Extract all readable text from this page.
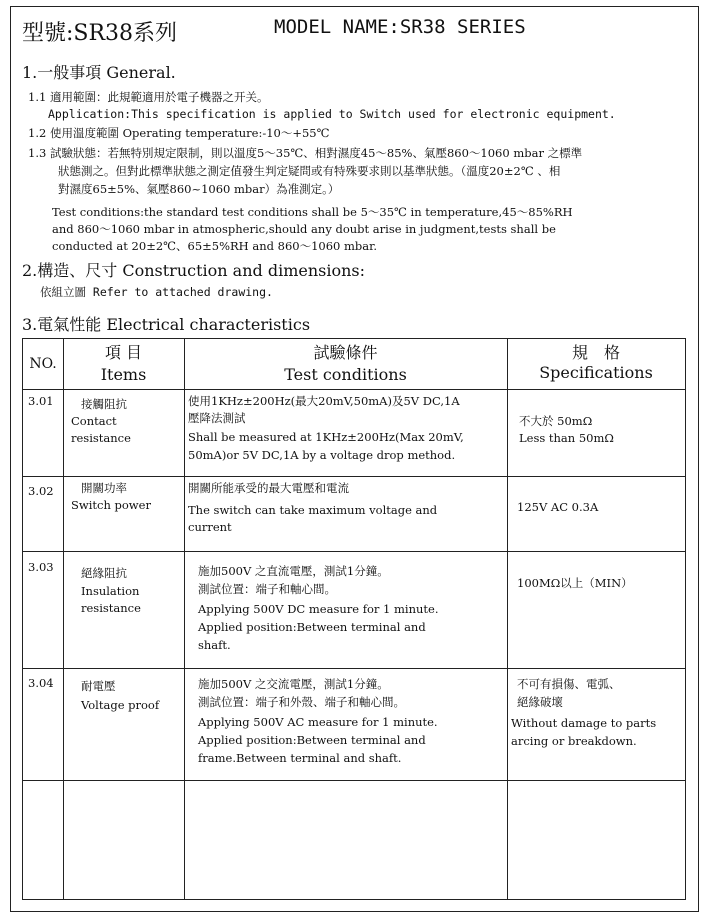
型號:SR38系列	MODEL NAME:SR38 SERIES
1.一般事項 General.
1.1 適用範圍：此規範適用於電子機器之开关。
Application:This specification is applied to Switch used for electronic equipment.
1.2 使用溫度範圍 Operating temperature:-10～+55℃
1.3 試驗狀態：若無特別規定限制，則以溫度5～35℃、相對濕度45～85%、氣壓860～1060 mbar 之標準
狀態測之。但對此標準狀態之測定值發生判定疑問或有特殊要求則以基準狀態。（溫度20±2℃ 、相
對濕度65±5%、氣壓860~1060 mbar）為准測定。）
Test conditions:the standard test conditions shall be 5～35℃ in temperature,45～85%RH
and 860～1060 mbar in atmospheric,should any doubt arise in judgment,tests shall be
conducted at 20±2℃、65±5%RH and 860～1060 mbar.
2.構造、尺寸 Construction and dimensions:
依組立圖 Refer to attached drawing.
3.電氣性能 Electrical characteristics
NO.
項 目
Items
試驗條件
Test conditions
規　格
Specifications
3.01 接觸阻抗
Contact
resistance
使用1KHz±200Hz(最大20mV,50mA)及5V DC,1A
壓降法測試
Shall be measured at 1KHz±200Hz(Max 20mV,
50mA)or 5V DC,1A by a voltage drop method.
不大於 50mΩ
Less than 50mΩ
3.02 開關功率
Switch power
開關所能承受的最大電壓和電流
The switch can take maximum voltage and
current
125V AC 0.3A
3.03 絕緣阻抗
Insulation
resistance
施加500V 之直流電壓，測試1分鐘。
測試位置：端子和軸心間。
Applying 500V DC measure for 1 minute.
Applied position:Between terminal and
shaft.
100MΩ以上（MIN）
3.04 耐電壓
Voltage proof
施加500V 之交流電壓，測試1分鐘。
測試位置：端子和外殼、端子和軸心間。
Applying 500V AC measure for 1 minute.
Applied position:Between terminal and
frame.Between terminal and shaft.
不可有損傷、電弧、
絕緣破壞
Without damage to parts
arcing or breakdown.
